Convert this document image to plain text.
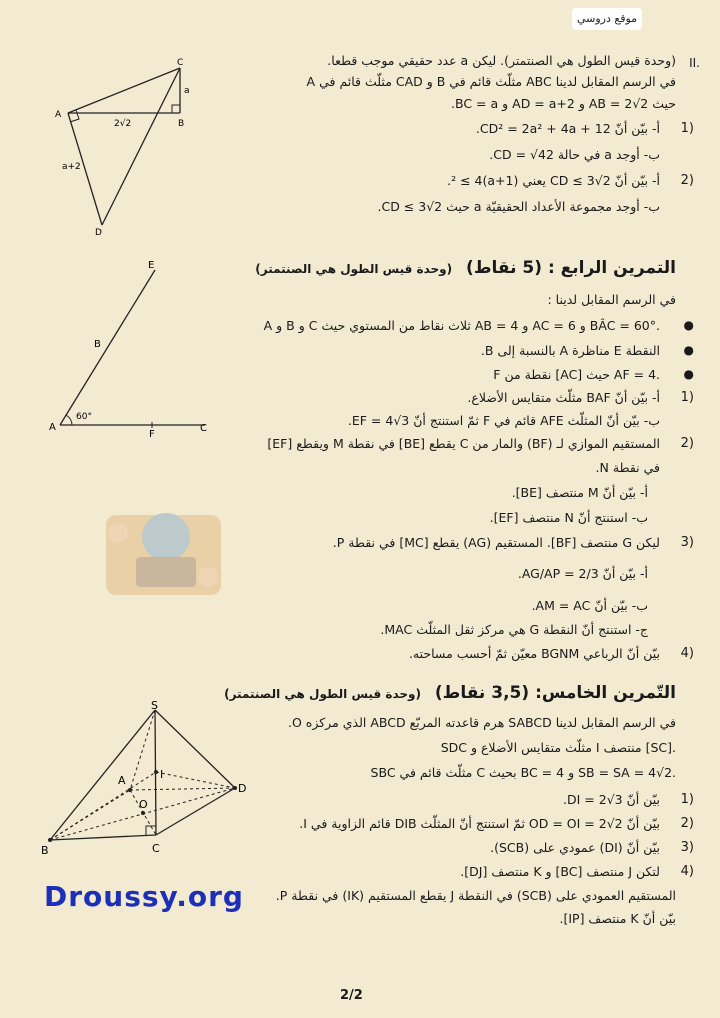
موقع دروسي
C
A
B
D
a
2√2
a+2
II.
(وحدة قيس الطول هي الصنتمتر). ليكن a عدد حقيقي موجب قطعا.
في الرسم المقابل لدينا ABC مثلّث قائم في B و CAD مثلّث قائم في A
حيث AB = 2√2 و AD = a+2 و BC = a.
1)
أ- بيّن أنّ CD² = 2a² + 4a + 12.
ب- أوجد a في حالة CD = √42.
2)
أ- بيّن أنّ CD ≤ 3√2 يعني (a+1)² ≤ 4.
ب- أوجد مجموعة الأعداد الحقيقيّة a حيث CD ≤ 3√2.
E
B
A
F
C
60°
التمرين الرابع : (5 نقاط) (وحدة قيس الطول هي الصنتمتر)
في الرسم المقابل لدينا :
●
A و B و C ثلاث نقاط من المستوي حيث AB = 4 و AC = 6 و BÂC = 60°.
●
النقطة E مناظرة A بالنسبة إلى B.
●
F نقطة من [AC] حيث AF = 4.
1)
أ- بيّن أنّ BAF مثلّث متقايس الأضلاع.
ب- بيّن أنّ المثلّث AFE قائم في F ثمّ استنتج أنّ EF = 4√3.
2)
المستقيم الموازي لـ (BF) والمار من C يقطع [BE] في نقطة M ويقطع [EF]
في نقطة N.
أ- بيّن أنّ M منتصف [BE].
ب- استنتج أنّ N منتصف [EF].
3)
ليكن G منتصف [BF]. المستقيم (AG) يقطع [MC] في نقطة P.
أ- بيّن أنّ AG/AP = 2/3.
ب- بيّن أنّ AM = AC.
ج- استنتج أنّ النقطة G هي مركز ثقل المثلّث MAC.
4)
بيّن أنّ الرباعي BGNM معيّن ثمّ أحسب مساحته.
S
A	I
D
O
B	C
التّمرين الخامس: (3,5 نقاط) (وحدة قيس الطول هي الصنتمتر)
في الرسم المقابل لدينا SABCD هرم قاعدته المربّع ABCD الذي مركزه O.
SDC مثلّث متقايس الأضلاع و I منتصف [SC].
SBC مثلّث قائم في C بحيث BC = 4 و SB = SA = 4√2.
1)
بيّن أنّ DI = 2√3.
2)
بيّن أنّ OD = OI = 2√2 ثمّ استنتج أنّ المثلّث DIB قائم الزاوية في I.
3)
بيّن أنّ (DI) عمودي على (SCB).
4)
لتكن J منتصف [BC] و K منتصف [DJ].
المستقيم العمودي على (SCB) في النقطة J يقطع المستقيم (IK) في نقطة P.
بيّن أنّ K منتصف [IP].
Droussy.org
2/2
